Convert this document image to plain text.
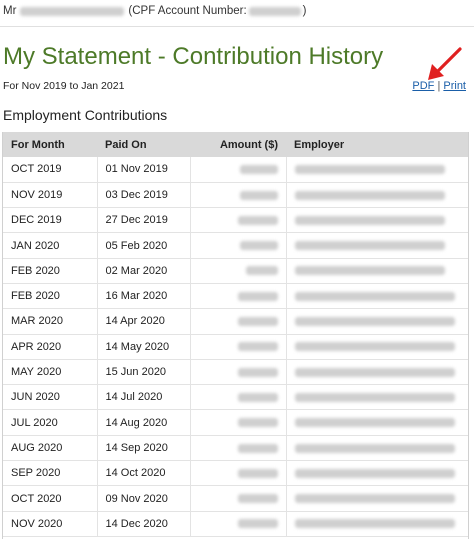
Mr	(CPF Account Number:	)
My Statement - Contribution History
For Nov 2019 to Jan 2021	PDF | Print
Employment Contributions
For Month	Paid On	Amount ($)	Employer
OCT 2019	01 Nov 2019		
NOV 2019	03 Dec 2019		
DEC 2019	27 Dec 2019		
JAN 2020	05 Feb 2020		
FEB 2020	02 Mar 2020		
FEB 2020	16 Mar 2020		
MAR 2020	14 Apr 2020		
APR 2020	14 May 2020		
MAY 2020	15 Jun 2020		
JUN 2020	14 Jul 2020		
JUL 2020	14 Aug 2020		
AUG 2020	14 Sep 2020		
SEP 2020	14 Oct 2020		
OCT 2020	09 Nov 2020		
NOV 2020	14 Dec 2020		
